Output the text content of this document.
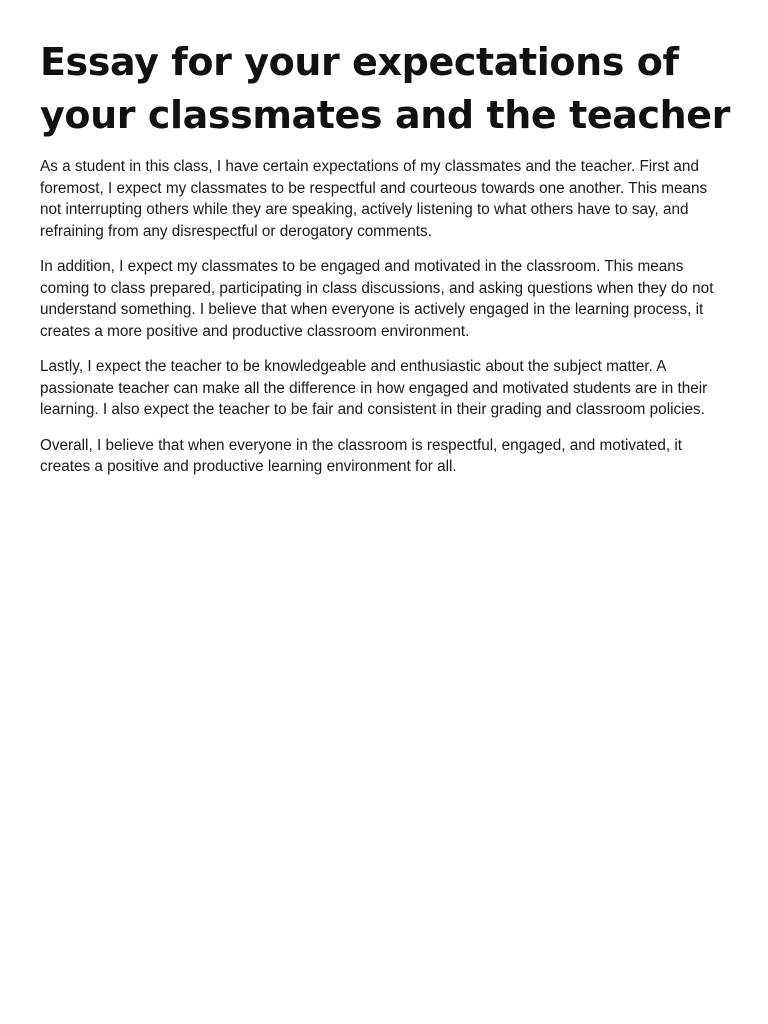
Essay for your expectations of your classmates and the teacher

As a student in this class, I have certain expectations of my classmates and the teacher. First and foremost, I expect my classmates to be respectful and courteous towards one another. This means not interrupting others while they are speaking, actively listening to what others have to say, and refraining from any disrespectful or derogatory comments.

In addition, I expect my classmates to be engaged and motivated in the classroom. This means coming to class prepared, participating in class discussions, and asking questions when they do not understand something. I believe that when everyone is actively engaged in the learning process, it creates a more positive and productive classroom environment.

Lastly, I expect the teacher to be knowledgeable and enthusiastic about the subject matter. A passionate teacher can make all the difference in how engaged and motivated students are in their learning. I also expect the teacher to be fair and consistent in their grading and classroom policies.

Overall, I believe that when everyone in the classroom is respectful, engaged, and motivated, it creates a positive and productive learning environment for all.
